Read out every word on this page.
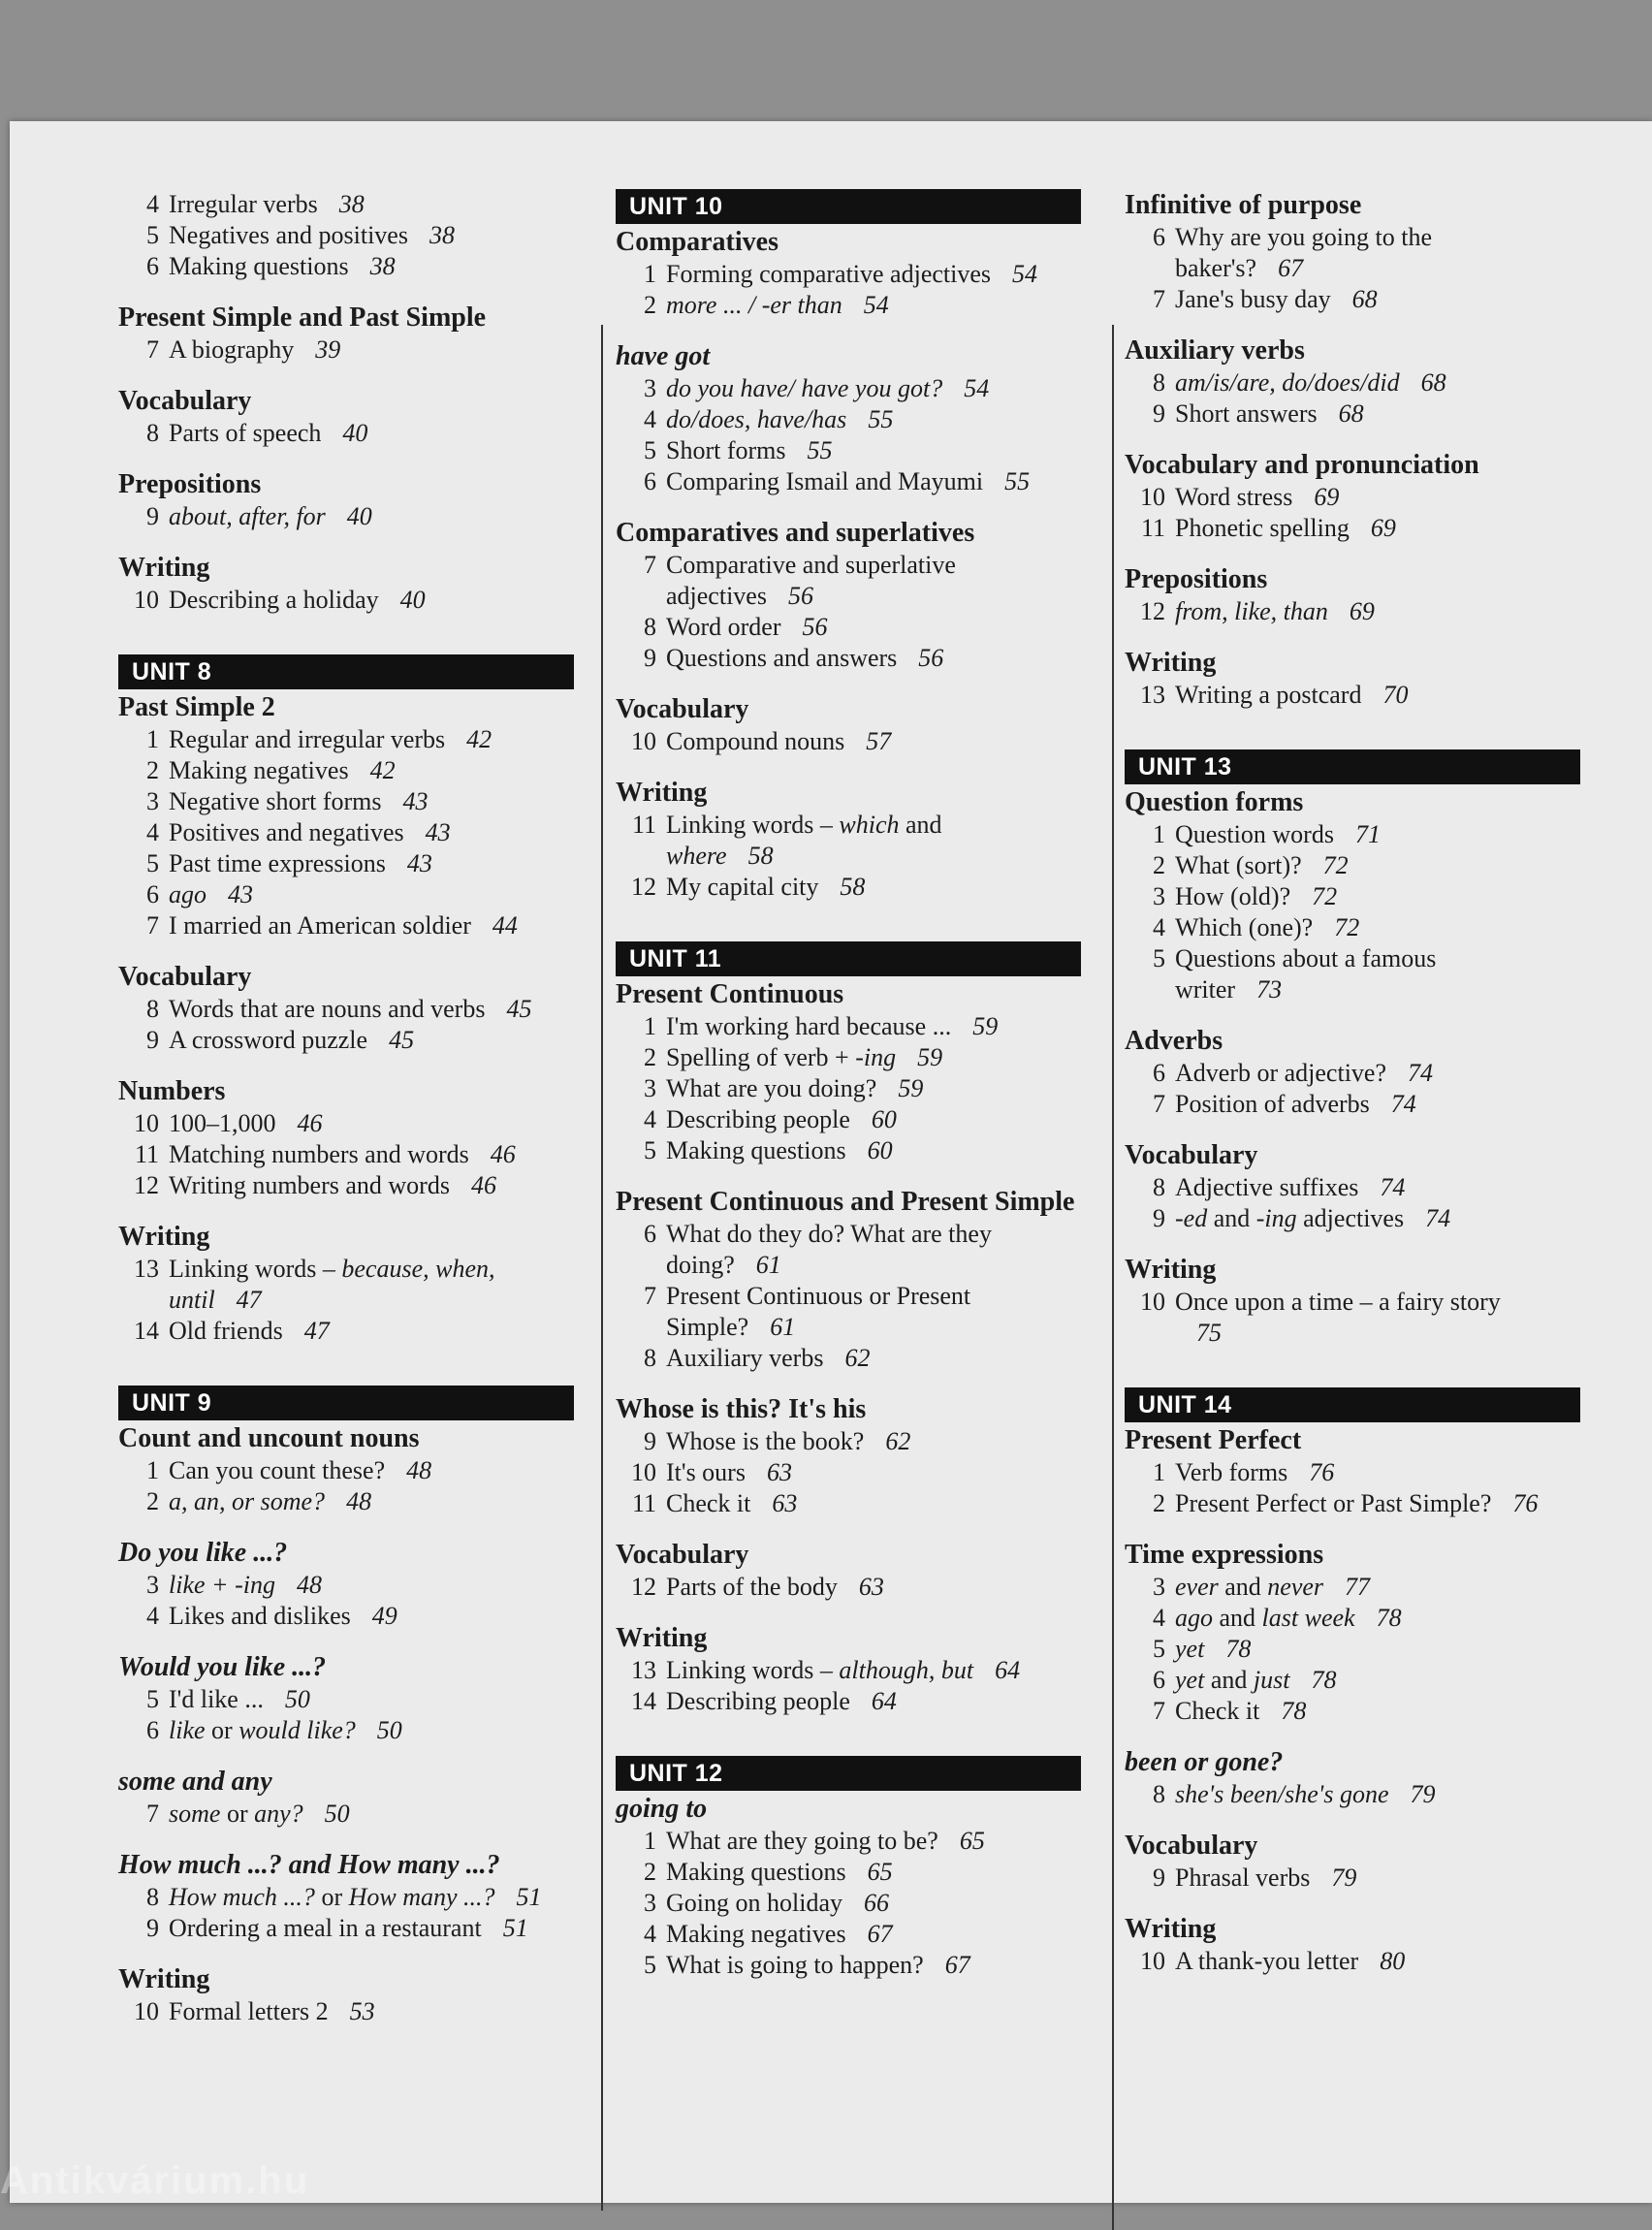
4 Irregular verbs 38
5 Negatives and positives 38
6 Making questions 38
Present Simple and Past Simple
7 A biography 39
Vocabulary
8 Parts of speech 40
Prepositions
9 about, after, for 40
Writing
10 Describing a holiday 40
UNIT 8
Past Simple 2
1 Regular and irregular verbs 42
2 Making negatives 42
3 Negative short forms 43
4 Positives and negatives 43
5 Past time expressions 43
6 ago 43
7 I married an American soldier 44
Vocabulary
8 Words that are nouns and verbs 45
9 A crossword puzzle 45
Numbers
10 100–1,000 46
11 Matching numbers and words 46
12 Writing numbers and words 46
Writing
13 Linking words – because, when,
until 47
14 Old friends 47
UNIT 9
Count and uncount nouns
1 Can you count these? 48
2 a, an, or some? 48
Do you like ...?
3 like + -ing 48
4 Likes and dislikes 49
Would you like ...?
5 I'd like ... 50
6 like or would like? 50
some and any
7 some or any? 50
How much ...? and How many ...?
8 How much ...? or How many ...? 51
9 Ordering a meal in a restaurant 51
Writing
10 Formal letters 2 53
UNIT 10
Comparatives
1 Forming comparative adjectives 54
2 more ... / -er than 54
have got
3 do you have/ have you got? 54
4 do/does, have/has 55
5 Short forms 55
6 Comparing Ismail and Mayumi 55
Comparatives and superlatives
7 Comparative and superlative
adjectives 56
8 Word order 56
9 Questions and answers 56
Vocabulary
10 Compound nouns 57
Writing
11 Linking words – which and
where 58
12 My capital city 58
UNIT 11
Present Continuous
1 I'm working hard because ... 59
2 Spelling of verb + -ing 59
3 What are you doing? 59
4 Describing people 60
5 Making questions 60
Present Continuous and Present Simple
6 What do they do? What are they
doing? 61
7 Present Continuous or Present
Simple? 61
8 Auxiliary verbs 62
Whose is this? It's his
9 Whose is the book? 62
10 It's ours 63
11 Check it 63
Vocabulary
12 Parts of the body 63
Writing
13 Linking words – although, but 64
14 Describing people 64
UNIT 12
going to
1 What are they going to be? 65
2 Making questions 65
3 Going on holiday 66
4 Making negatives 67
5 What is going to happen? 67
Infinitive of purpose
6 Why are you going to the
baker's? 67
7 Jane's busy day 68
Auxiliary verbs
8 am/is/are, do/does/did 68
9 Short answers 68
Vocabulary and pronunciation
10 Word stress 69
11 Phonetic spelling 69
Prepositions
12 from, like, than 69
Writing
13 Writing a postcard 70
UNIT 13
Question forms
1 Question words 71
2 What (sort)? 72
3 How (old)? 72
4 Which (one)? 72
5 Questions about a famous
writer 73
Adverbs
6 Adverb or adjective? 74
7 Position of adverbs 74
Vocabulary
8 Adjective suffixes 74
9 -ed and -ing adjectives 74
Writing
10 Once upon a time – a fairy story
75
UNIT 14
Present Perfect
1 Verb forms 76
2 Present Perfect or Past Simple? 76
Time expressions
3 ever and never 77
4 ago and last week 78
5 yet 78
6 yet and just 78
7 Check it 78
been or gone?
8 she's been/she's gone 79
Vocabulary
9 Phrasal verbs 79
Writing
10 A thank-you letter 80
Antikvárium.hu
